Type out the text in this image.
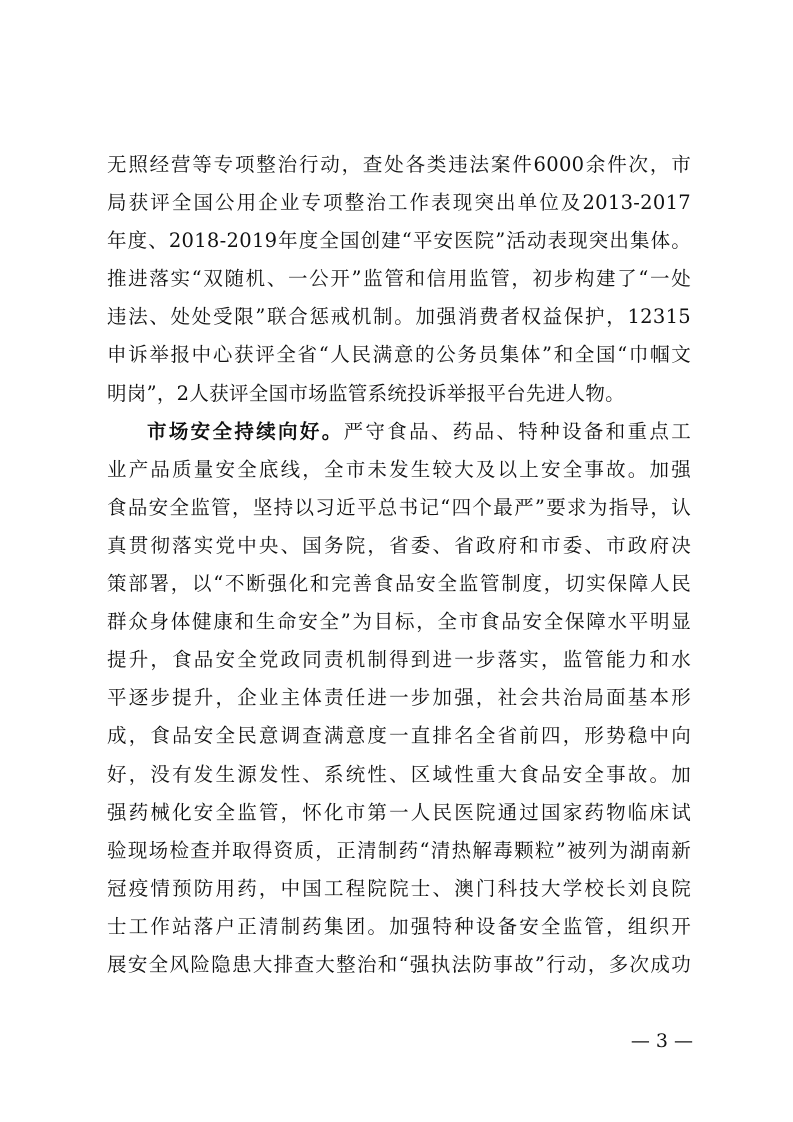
无照经营等专项整治行动，查处各类违法案件6000余件次，市
局获评全国公用企业专项整治工作表现突出单位及2013-2017
年度、2018-2019年度全国创建“平安医院”活动表现突出集体。
推进落实“双随机、一公开”监管和信用监管，初步构建了“一处
违法、处处受限”联合惩戒机制。加强消费者权益保护，12315
申诉举报中心获评全省“人民满意的公务员集体”和全国“巾帼文
明岗”，2人获评全国市场监管系统投诉举报平台先进人物。
市场安全持续向好。严守食品、药品、特种设备和重点工
业产品质量安全底线，全市未发生较大及以上安全事故。加强
食品安全监管，坚持以习近平总书记“四个最严”要求为指导，认
真贯彻落实党中央、国务院，省委、省政府和市委、市政府决
策部署，以“不断强化和完善食品安全监管制度，切实保障人民
群众身体健康和生命安全”为目标，全市食品安全保障水平明显
提升，食品安全党政同责机制得到进一步落实，监管能力和水
平逐步提升，企业主体责任进一步加强，社会共治局面基本形
成，食品安全民意调查满意度一直排名全省前四，形势稳中向
好，没有发生源发性、系统性、区域性重大食品安全事故。加
强药械化安全监管，怀化市第一人民医院通过国家药物临床试
验现场检查并取得资质，正清制药“清热解毒颗粒”被列为湖南新
冠疫情预防用药，中国工程院院士、澳门科技大学校长刘良院
士工作站落户正清制药集团。加强特种设备安全监管，组织开
展安全风险隐患大排查大整治和“强执法防事故”行动，多次成功
— 3 —
